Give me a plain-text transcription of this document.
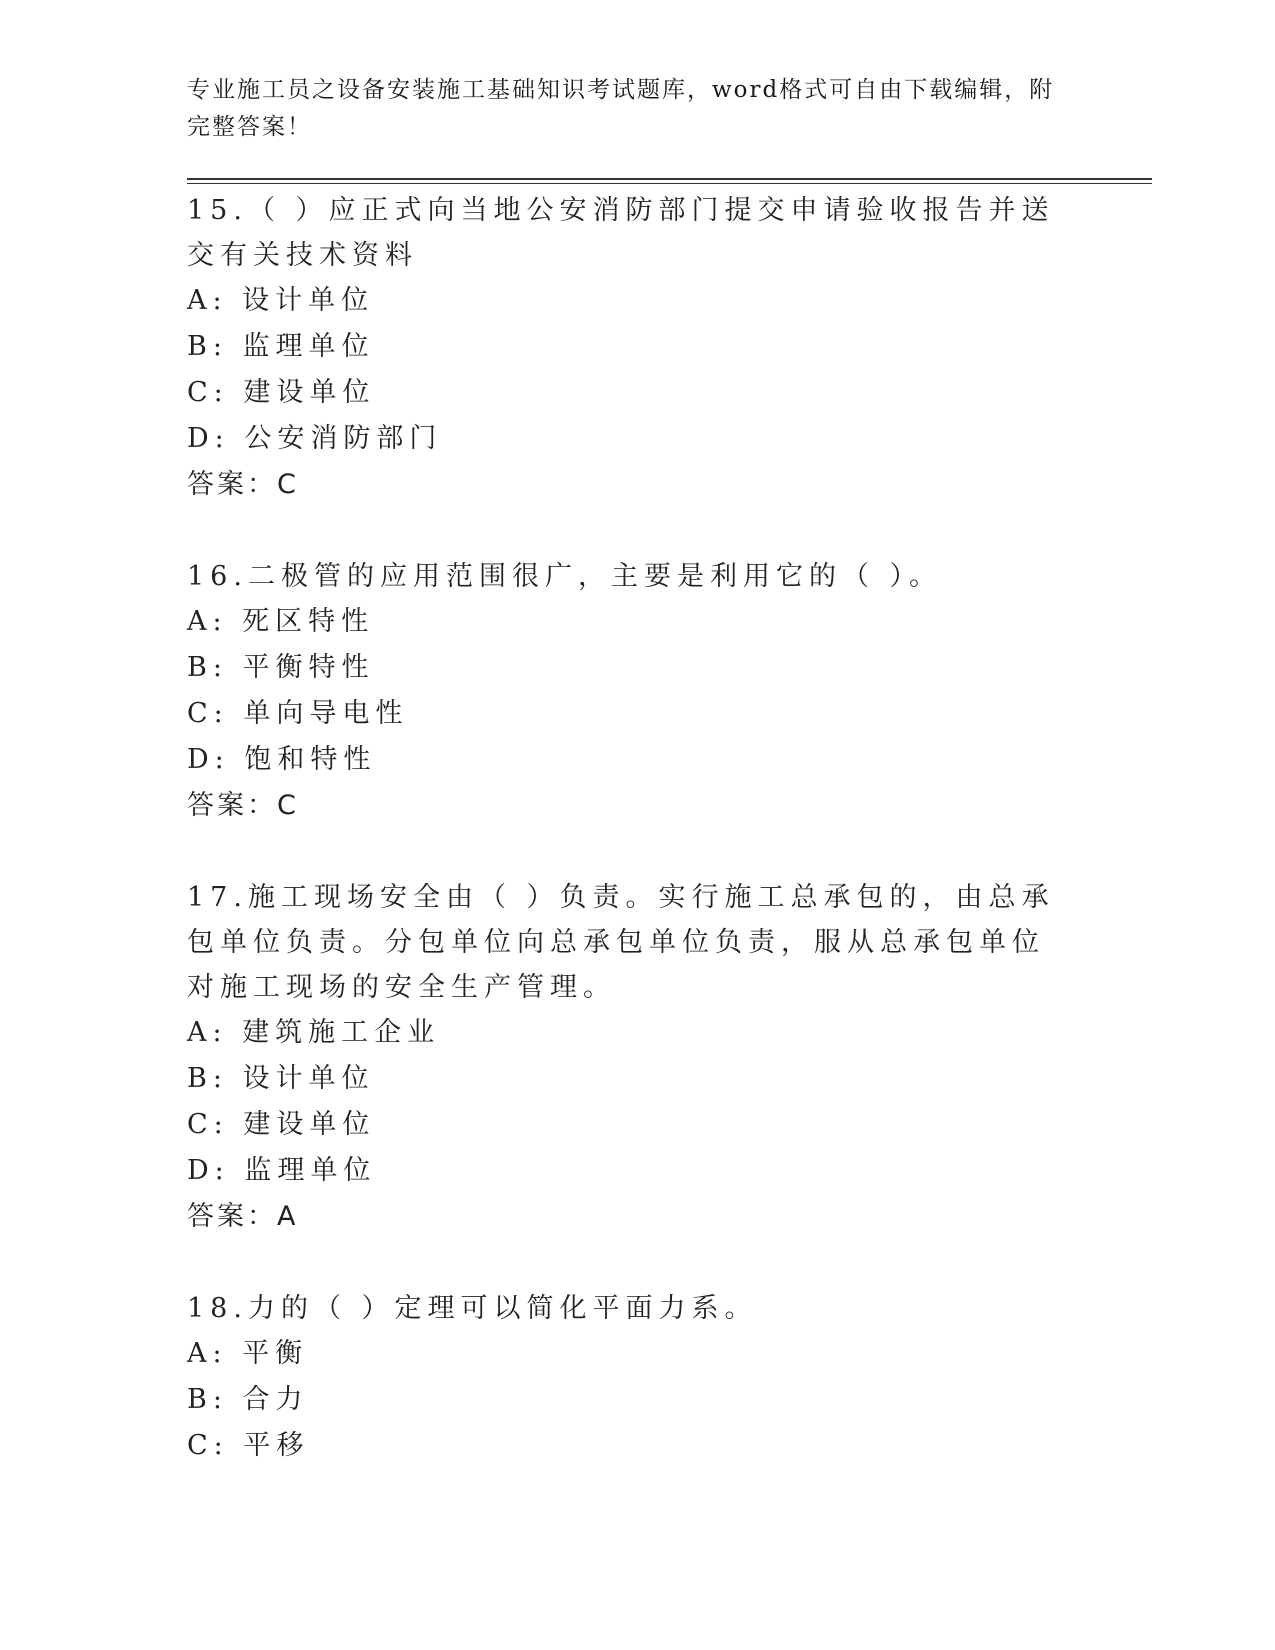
专业施工员之设备安装施工基础知识考试题库，word格式可自由下载编辑，附完整答案！
15.（ ）应正式向当地公安消防部门提交申请验收报告并送交有关技术资料
A: 设计单位
B: 监理单位
C: 建设单位
D: 公安消防部门
答案：C
16.二极管的应用范围很广，主要是利用它的（ ）。
A: 死区特性
B: 平衡特性
C: 单向导电性
D: 饱和特性
答案：C
17.施工现场安全由（ ）负责。实行施工总承包的，由总承包单位负责。分包单位向总承包单位负责，服从总承包单位对施工现场的安全生产管理。
A: 建筑施工企业
B: 设计单位
C: 建设单位
D: 监理单位
答案：A
18.力的（ ）定理可以简化平面力系。
A: 平衡
B: 合力
C: 平移
